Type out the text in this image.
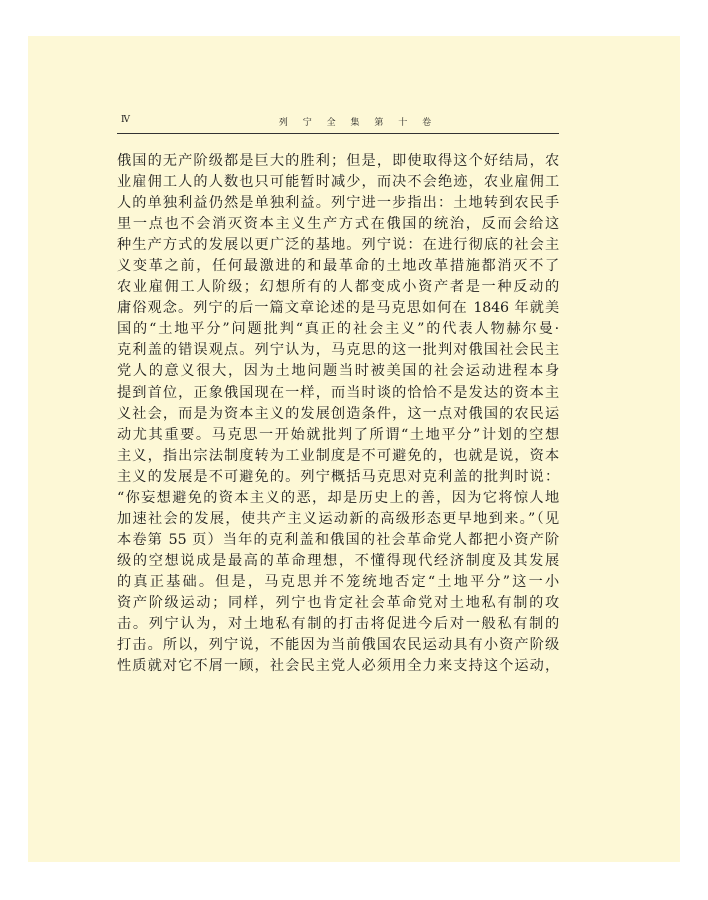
Ⅳ	列 宁 全 集 第 十 卷
俄国的无产阶级都是巨大的胜利；但是，即使取得这个好结局，农
业雇佣工人的人数也只可能暂时减少，而决不会绝迹，农业雇佣工
人的单独利益仍然是单独利益。列宁进一步指出：土地转到农民手
里一点也不会消灭资本主义生产方式在俄国的统治，反而会给这
种生产方式的发展以更广泛的基地。列宁说：在进行彻底的社会主
义变革之前，任何最激进的和最革命的土地改革措施都消灭不了
农业雇佣工人阶级；幻想所有的人都变成小资产者是一种反动的
庸俗观念。列宁的后一篇文章论述的是马克思如何在 1846 年就美
国的“土地平分”问题批判“真正的社会主义”的代表人物赫尔曼·
克利盖的错误观点。列宁认为，马克思的这一批判对俄国社会民主
党人的意义很大，因为土地问题当时被美国的社会运动进程本身
提到首位，正象俄国现在一样，而当时谈的恰恰不是发达的资本主
义社会，而是为资本主义的发展创造条件，这一点对俄国的农民运
动尤其重要。马克思一开始就批判了所谓“土地平分”计划的空想
主义，指出宗法制度转为工业制度是不可避免的，也就是说，资本
主义的发展是不可避免的。列宁概括马克思对克利盖的批判时说：
“你妄想避免的资本主义的恶，却是历史上的善，因为它将惊人地
加速社会的发展，使共产主义运动新的高级形态更早地到来。”（见
本卷第 55 页）当年的克利盖和俄国的社会革命党人都把小资产阶
级的空想说成是最高的革命理想，不懂得现代经济制度及其发展
的真正基础。但是，马克思并不笼统地否定“土地平分”这一小
资产阶级运动；同样，列宁也肯定社会革命党对土地私有制的攻
击。列宁认为，对土地私有制的打击将促进今后对一般私有制的
打击。所以，列宁说，不能因为当前俄国农民运动具有小资产阶级
性质就对它不屑一顾，社会民主党人必须用全力来支持这个运动，
